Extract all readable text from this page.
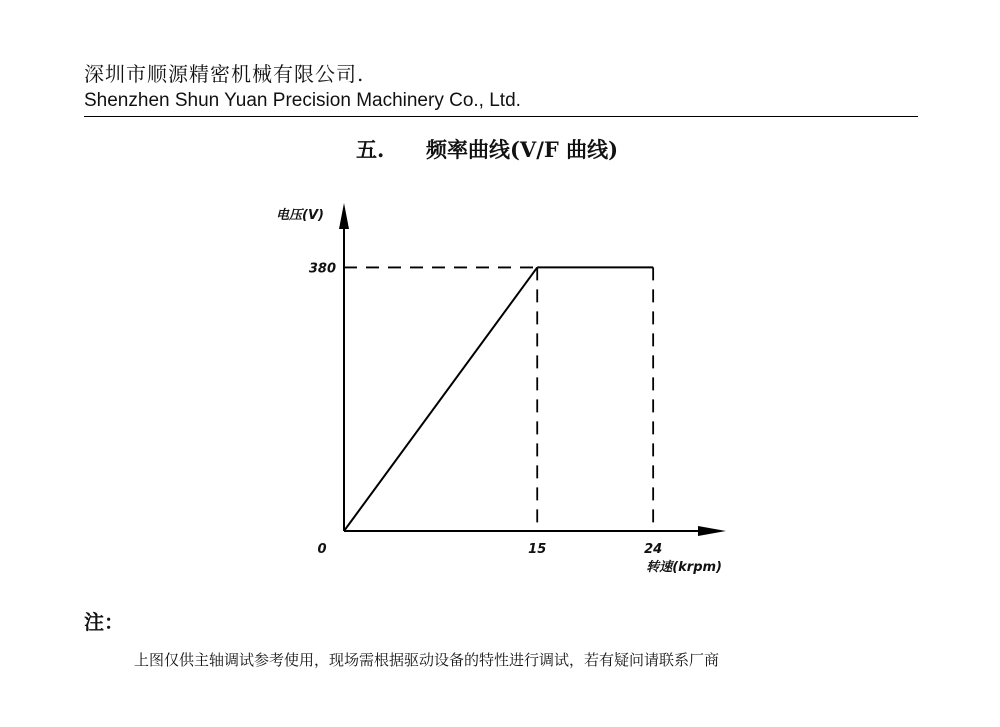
深圳市顺源精密机械有限公司.
Shenzhen Shun Yuan Precision Machinery Co., Ltd.
五. 频率曲线(V/F 曲线)
0	15	24
380
电压(V)
转速(krpm)
注：
上图仅供主轴调试参考使用，现场需根据驱动设备的特性进行调试，若有疑问请联系厂商
